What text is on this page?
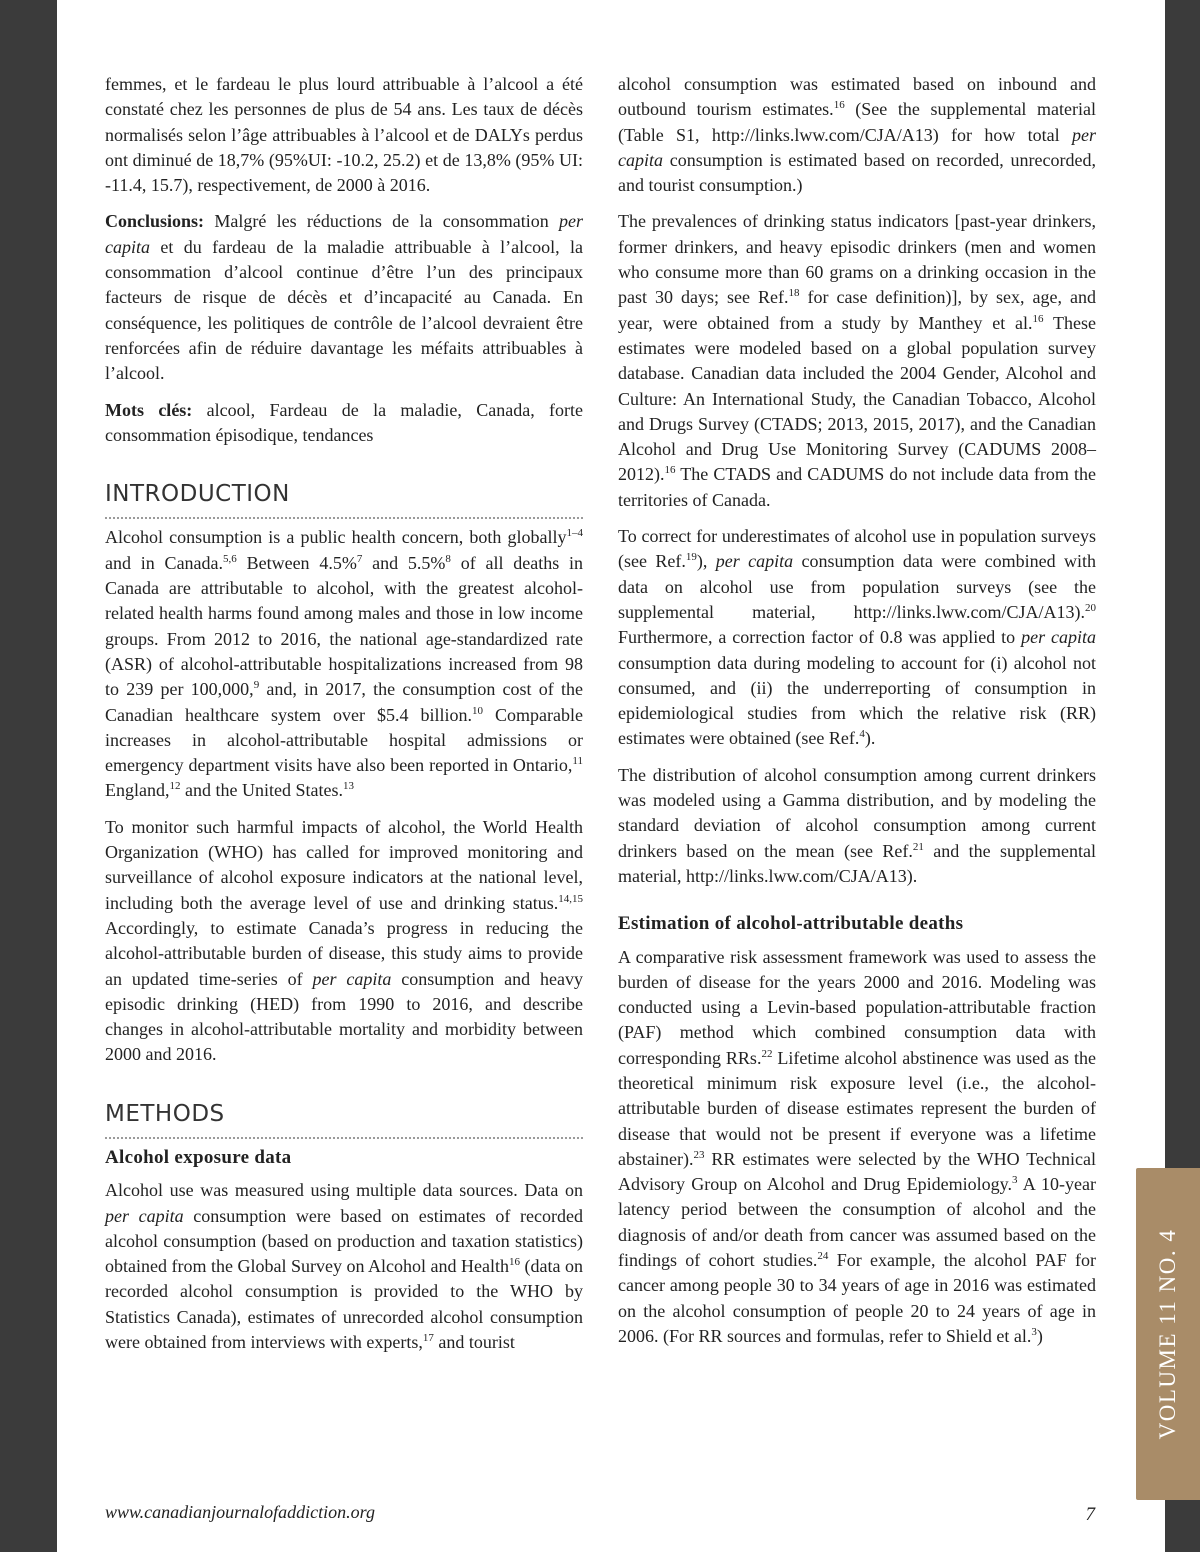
femmes, et le fardeau le plus lourd attribuable à l’alcool a été constaté chez les personnes de plus de 54 ans. Les taux de décès normalisés selon l’âge attribuables à l’alcool et de DALYs perdus ont diminué de 18,7% (95%UI: -10.2, 25.2) et de 13,8% (95% UI: -11.4, 15.7), respectivement, de 2000 à 2016.

Conclusions: Malgré les réductions de la consommation per capita et du fardeau de la maladie attribuable à l’alcool, la consommation d’alcool continue d’être l’un des principaux facteurs de risque de décès et d’incapacité au Canada. En conséquence, les politiques de contrôle de l’alcool devraient être renforcées afin de réduire davantage les méfaits attribuables à l’alcool.

Mots clés: alcool, Fardeau de la maladie, Canada, forte consommation épisodique, tendances

INTRODUCTION

Alcohol consumption is a public health concern, both globally$^{1-4}$ and in Canada.$^{5,6}$ Between 4.5%$^7$ and 5.5%$^8$ of all deaths in Canada are attributable to alcohol, with the greatest alcohol-related health harms found among males and those in low income groups. From 2012 to 2016, the national age-standardized rate (ASR) of alcohol-attributable hospitalizations increased from 98 to 239 per 100,000,$^9$ and, in 2017, the consumption cost of the Canadian healthcare system over $5.4 billion.$^{10}$ Comparable increases in alcohol-attributable hospital admissions or emergency department visits have also been reported in Ontario,$^{11}$ England,$^{12}$ and the United States.$^{13}$

To monitor such harmful impacts of alcohol, the World Health Organization (WHO) has called for improved monitoring and surveillance of alcohol exposure indicators at the national level, including both the average level of use and drinking status.$^{14,15}$ Accordingly, to estimate Canada’s progress in reducing the alcohol-attributable burden of disease, this study aims to provide an updated time-series of per capita consumption and heavy episodic drinking (HED) from 1990 to 2016, and describe changes in alcohol-attributable mortality and morbidity between 2000 and 2016.

METHODS
Alcohol exposure data

Alcohol use was measured using multiple data sources. Data on per capita consumption were based on estimates of recorded alcohol consumption (based on production and taxation statistics) obtained from the Global Survey on Alcohol and Health$^{16}$ (data on recorded alcohol consumption is provided to the WHO by Statistics Canada), estimates of unrecorded alcohol consumption were obtained from interviews with experts,$^{17}$ and tourist

alcohol consumption was estimated based on inbound and outbound tourism estimates.$^{16}$ (See the supplemental material (Table S1, http://links.lww.com/CJA/A13) for how total per capita consumption is estimated based on recorded, unrecorded, and tourist consumption.)

The prevalences of drinking status indicators [past-year drinkers, former drinkers, and heavy episodic drinkers (men and women who consume more than 60 grams on a drinking occasion in the past 30 days; see Ref.$^{18}$ for case definition)], by sex, age, and year, were obtained from a study by Manthey et al.$^{16}$ These estimates were modeled based on a global population survey database. Canadian data included the 2004 Gender, Alcohol and Culture: An International Study, the Canadian Tobacco, Alcohol and Drugs Survey (CTADS; 2013, 2015, 2017), and the Canadian Alcohol and Drug Use Monitoring Survey (CADUMS 2008–2012).$^{16}$ The CTADS and CADUMS do not include data from the territories of Canada.

To correct for underestimates of alcohol use in population surveys (see Ref.$^{19}$), per capita consumption data were combined with data on alcohol use from population surveys (see the supplemental material, http://links.lww.com/CJA/A13).$^{20}$ Furthermore, a correction factor of 0.8 was applied to per capita consumption data during modeling to account for (i) alcohol not consumed, and (ii) the underreporting of consumption in epidemiological studies from which the relative risk (RR) estimates were obtained (see Ref.$^4$).

The distribution of alcohol consumption among current drinkers was modeled using a Gamma distribution, and by modeling the standard deviation of alcohol consumption among current drinkers based on the mean (see Ref.$^{21}$ and the supplemental material, http://links.lww.com/CJA/A13).

Estimation of alcohol-attributable deaths

A comparative risk assessment framework was used to assess the burden of disease for the years 2000 and 2016. Modeling was conducted using a Levin-based population-attributable fraction (PAF) method which combined consumption data with corresponding RRs.$^{22}$ Lifetime alcohol abstinence was used as the theoretical minimum risk exposure level (i.e., the alcohol-attributable burden of disease estimates represent the burden of disease that would not be present if everyone was a lifetime abstainer).$^{23}$ RR estimates were selected by the WHO Technical Advisory Group on Alcohol and Drug Epidemiology.$^3$ A 10-year latency period between the consumption of alcohol and the diagnosis of and/or death from cancer was assumed based on the findings of cohort studies.$^{24}$ For example, the alcohol PAF for cancer among people 30 to 34 years of age in 2016 was estimated on the alcohol consumption of people 20 to 24 years of age in 2006. (For RR sources and formulas, refer to Shield et al.$^3$)

www.canadianjournalofaddiction.org	7
VOLUME 11 NO. 4
